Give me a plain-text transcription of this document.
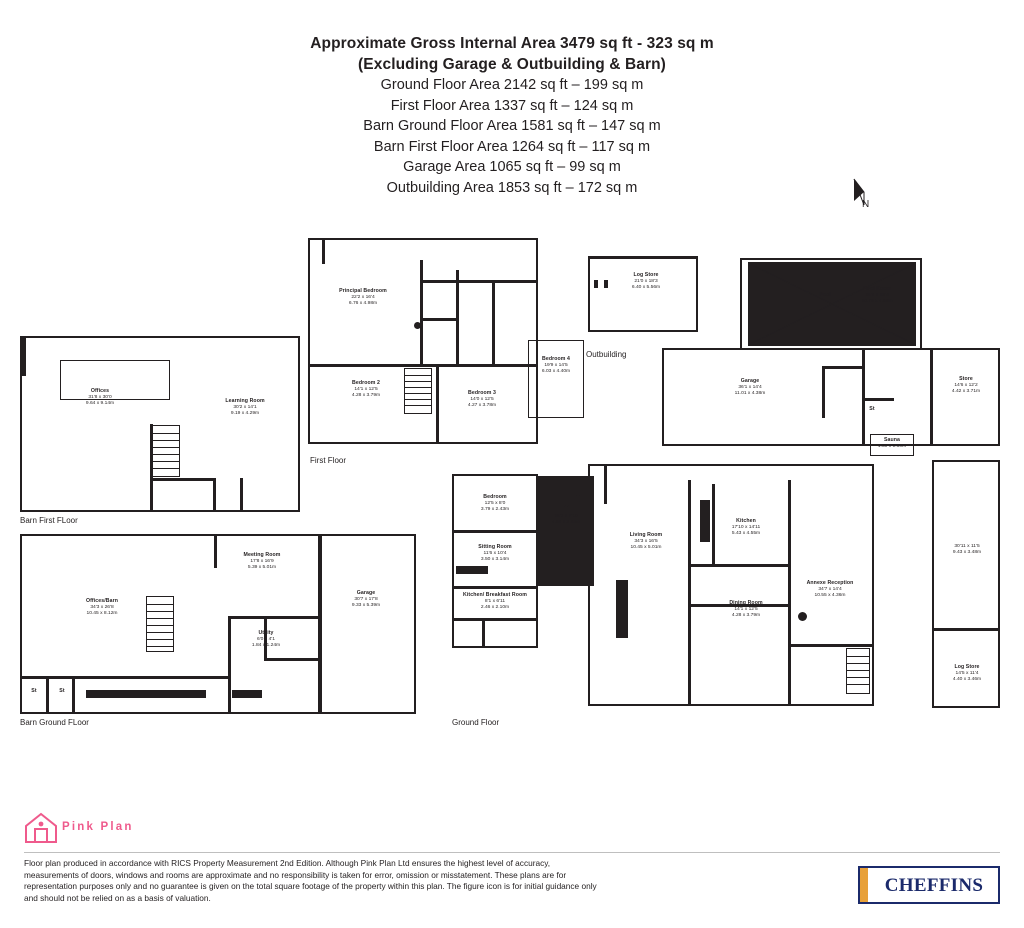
Approximate Gross Internal Area 3479 sq ft - 323 sq m
(Excluding Garage & Outbuilding & Barn)
Ground Floor Area 2142 sq ft – 199 sq m
First Floor Area 1337 sq ft – 124 sq m
Barn Ground Floor Area 1581 sq ft – 147 sq m
Barn First Floor Area 1264 sq ft – 117 sq m
Garage Area 1065 sq ft – 99 sq m
Outbuilding Area 1853 sq ft – 172 sq m
N
Offices
31'8 x 30'0
9.64 x 9.14m	Learning Room
30'2 x 14'1
9.19 x 4.29m
Barn First FLoor
Offices/Barn
34'3 x 26'8
10.45 x 8.12m
Meeting Room
17'8 x 16'9
5.39 x 5.01m
Garage
30'7 x 17'8
9.33 x 5.39m
Utility
6'0 x 4'1
1.84 x 1.24m
St	St
Barn Ground FLoor
Principal Bedroom
22'2 x 16'4
6.76 x 4.98m
Bedroom 2
14'1 x 12'5
4.28 x 3.79m	Bedroom 3
14'0 x 12'5
4.27 x 3.78m
Bedroom 4
19'9 x 14'5
6.03 x 4.40m
First Floor
Log Store
21'0 x 18'3
6.40 x 5.56m
Outbuilding
Pool
Pool Room
35'4 x 16'4
10.78 x 4.99m
Garage
36'1 x 14'4
11.01 x 4.38m
Store
14'6 x 12'2
4.42 x 3.71m
Sauna
1.30 x 1.30m
St
Bedroom
12'5 x 8'0
3.79 x 2.43m
Sitting Room
11'6 x 10'4
3.50 x 3.14m
Kitchen/ Breakfast Room
8'1 x 6'11
2.46 x 2.10m
16'2 x 7'10
4.94 x 2.40m
Living Room
34'3 x 16'5
10.45 x 5.01m
Kitchen
17'10 x 14'11
5.43 x 4.55m
Dining Room
14'1 x 12'5
4.28 x 3.79m
Annexe Reception
34'7 x 14'4
10.55 x 4.36m
30'11 x 11'5
9.43 x 3.48m
Log Store
14'5 x 11'4
4.40 x 3.46m
Ground Floor
Pink Plan
Floor plan produced in accordance with RICS Property Measurement 2nd Edition. Although Pink Plan Ltd ensures the highest level of accuracy, measurements of doors, windows and rooms are approximate and no responsibility is taken for error, omission or misstatement. These plans are for representation purposes only and no guarantee is given on the total square footage of the property within this plan. The figure icon is for initial guidance only and should not be relied on as a basis of valuation.
CHEFFINS
